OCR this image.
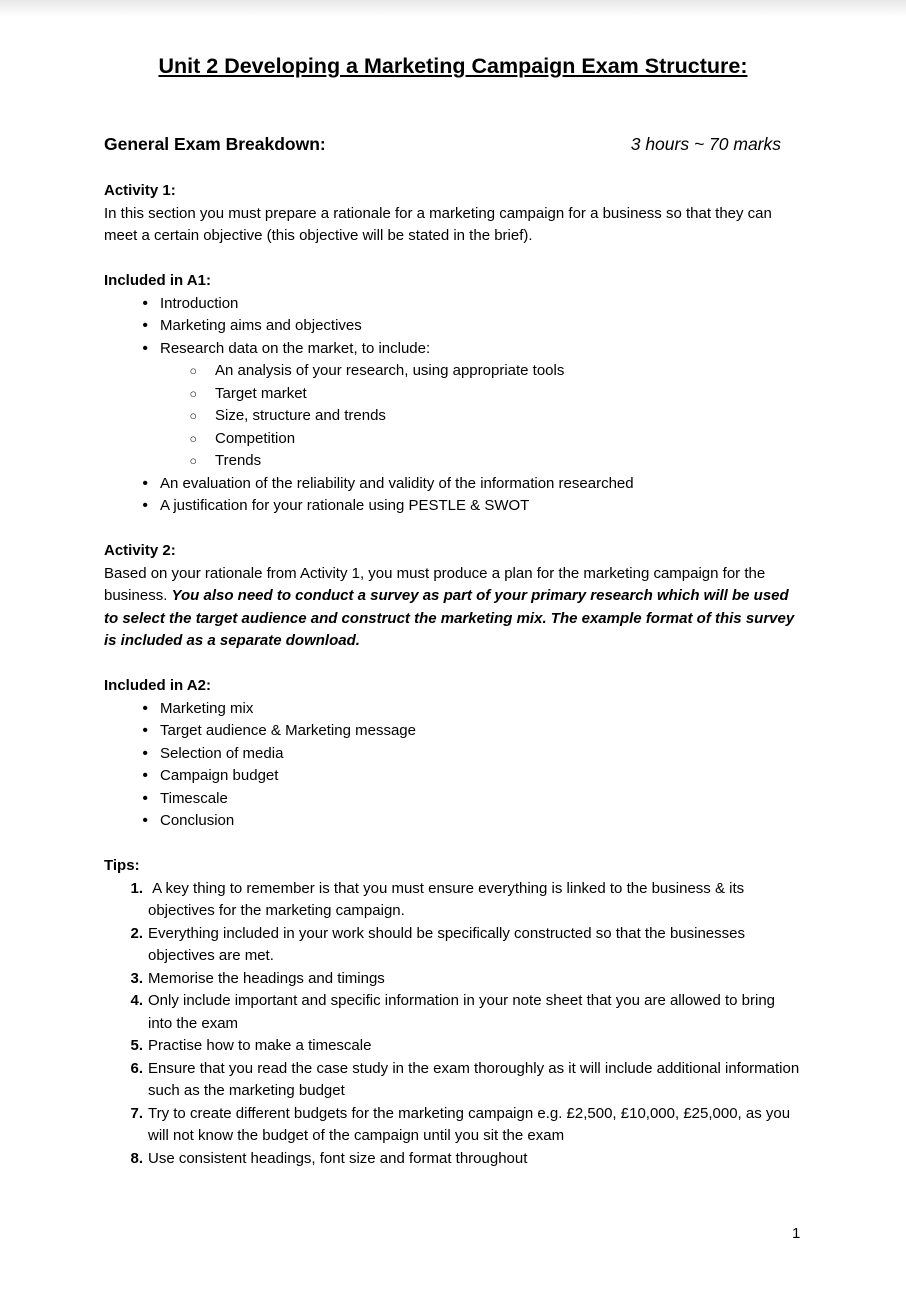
Unit 2 Developing a Marketing Campaign Exam Structure:
General Exam Breakdown:	3 hours ~ 70 marks
Activity 1:

In this section you must prepare a rationale for a marketing campaign for a business so that they can meet a certain objective (this objective will be stated in the brief).

Included in A1:
•
Introduction
•
Marketing aims and objectives
•
Research data on the market, to include:
○
An analysis of your research, using appropriate tools
○
Target market
○
Size, structure and trends
○
Competition
○
Trends
•
An evaluation of the reliability and validity of the information researched
•
A justification for your rationale using PESTLE & SWOT
Activity 2:

Based on your rationale from Activity 1, you must produce a plan for the marketing campaign for the business. You also need to conduct a survey as part of your primary research which will be used to select the target audience and construct the marketing mix. The example format of this survey is included as a separate download.

Included in A2:
•
Marketing mix
•
Target audience & Marketing message
•
Selection of media
•
Campaign budget
•
Timescale
•
Conclusion
Tips:
1. A key thing to remember is that you must ensure everything is linked to the business & its objectives for the marketing campaign.
2. Everything included in your work should be specifically constructed so that the businesses objectives are met.
3. Memorise the headings and timings
4. Only include important and specific information in your note sheet that you are allowed to bring into the exam
5. Practise how to make a timescale
6. Ensure that you read the case study in the exam thoroughly as it will include additional information such as the marketing budget
7. Try to create different budgets for the marketing campaign e.g. £2,500, £10,000, £25,000, as you will not know the budget of the campaign until you sit the exam
8. Use consistent headings, font size and format throughout
1
